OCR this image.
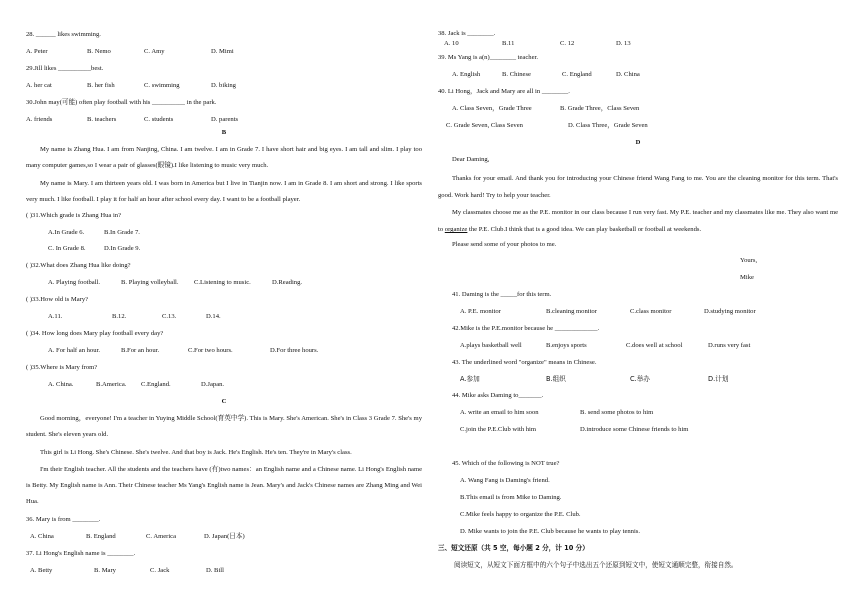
28. ______ likes swimming.
A. Peter	B. Nemo	C. Amy	D. Mimi
29.Jill likes __________best.
A. her cat	B. her fish	C. swimming	D. biking
30.John may(可能) often play football with his __________ in the park.
A. friends	B. teachers	C. students	D. parents
B
My name is Zhang Hua. I am from Nanjing, China. I am twelve. I am in Grade 7. I have short hair and big eyes. I am tall and slim. I play too many computer games,so I wear a pair of glasses(眼镜).I like listening to music very much.
My name is Mary. I am thirteen years old. I was born in America but I live in Tianjin now. I am in Grade 8. I am short and strong. I like sports very much. I like football. I play it for half an hour after school every day. I want to be a football player.
( )31.Which grade is Zhang Hua in?
A.In Grade 6.	B.In Grade 7.
C. In Grade 8.	D.In Grade 9.
( )32.What does Zhang Hua like doing?
A. Playing football.	B. Playing volleyball. C.Listening to music.	D.Reading.
( )33.How old is Mary?
A.11.	B.12.	C.13.	D.14.
( )34. How long does Mary play football every day?
A. For half an hour.	B.For an hour.	C.For two hours.	D.For three hours.
( )35.Where is Mary from?
A. China.	B.America. C.England.	D.Japan.
C
Good morning，everyone! I'm a teacher in Yuying Middle School(育英中学). This is Mary. She's American. She's in Class 3 Grade 7. She's my student. She's eleven years old.
This girl is Li Hong. She's Chinese. She's twelve. And that boy is Jack. He's English. He's ten. They're in Mary's class.
I'm their English teacher. All the students and the teachers have (有)two names：an English name and a Chinese name. Li Hong's English name is Betty. My English name is Ann. Their Chinese teacher Ms Yang's English name is Jean. Mary's and Jack's Chinese names are Zhang Ming and Wei Hua.
36. Mary is from ________.
A. China	B. England	C. America	D. Japan(日本)
37. Li Hong's English name is ________.
A. Betty	B. Mary	C. Jack	D. Bill
38. Jack is ________.
A. 10	B.11	C. 12	D. 13
39. Ms Yang is a(n)________ teacher.
A. English	B. Chinese	C. England	D. China
40. Li Hong，Jack and Mary are all in ________.
A. Class Seven，Grade Three	B. Grade Three，Class Seven
C. Grade Seven, Class Seven	D. Class Three，Grade Seven
D
Dear Daming,
Thanks for your email. And thank you for introducing your Chinese friend Wang Fang to me. You are the cleaning monitor for this term. That's good. Work hard! Try to help your teacher.
My classmates choose me as the P.E. monitor in our class because I run very fast. My P.E. teacher and my classmates like me. They also want me to organize the P.E. Club.I think that is a good idea. We can play basketball or football at weekends.
Please send some of your photos to me.
Yours,
Mike
41. Daming is the _____for this term.
A. P.E. monitor	B.cleaning monitor	C.class monitor	D.studying monitor
42.Mike is the P.E.monitor because he _____________.
A.plays basketball well	B.enjoys sports	C.does well at school	D.runs very fast
43. The underlined word "organize" means in Chinese.
A.参加	B.组织	C.举办	D.计划
44. Mike asks Daming to_______.
A. write an email to him soon	B. send some photos to him
C.join the P.E.Club with him	D.introduce some Chinese friends to him
45. Which of the following is NOT true?
A. Wang Fang is Daming's friend.
B.This email is from Mike to Daming.
C.Mike feels happy to organize the P.E. Club.
D. Mike wants to join the P.E. Club because he wants to play tennis.
三、短文还原（共 5 空，每小题 2 分，计 10 分）
阅读短文，从短文下面方框中的六个句子中选出五个还原到短文中，使短文通顺完整，衔接自然。
